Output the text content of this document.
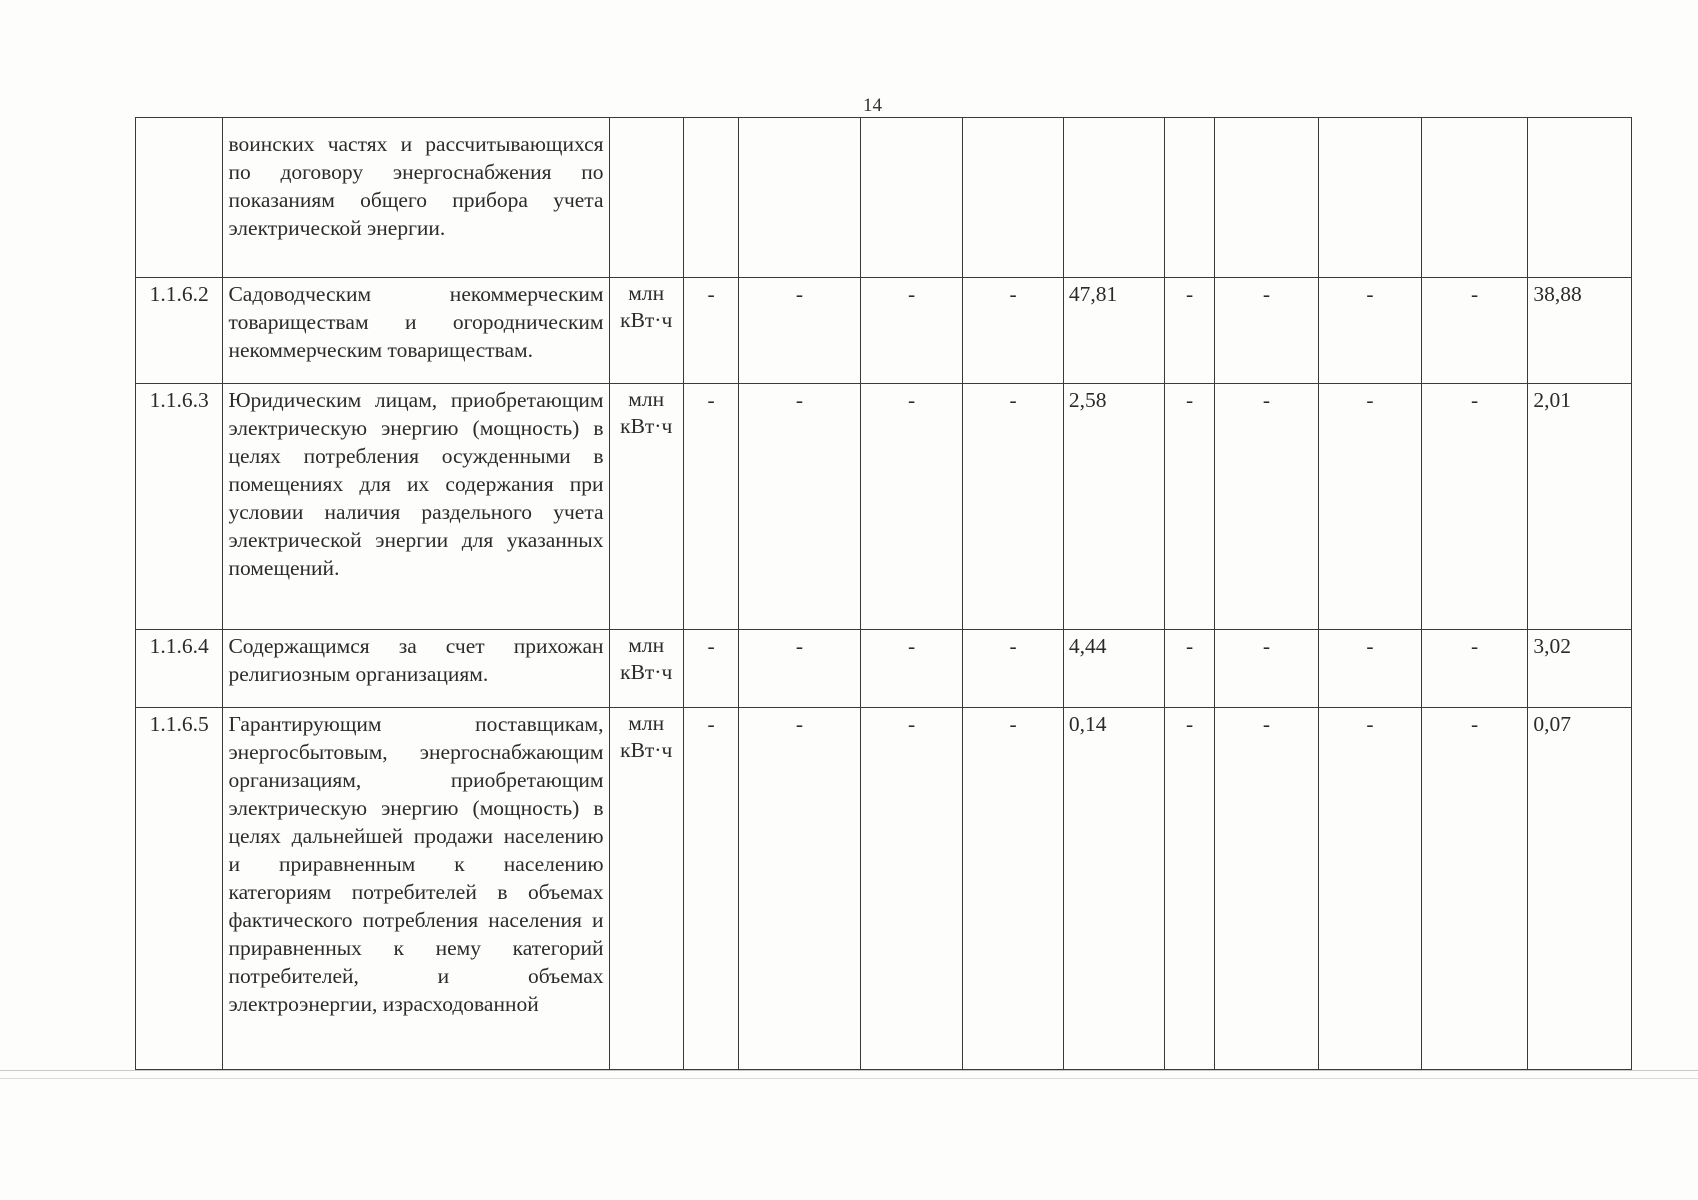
14
	воинских частях и рассчитывающихся по договору энергоснабжения по показаниям общего прибора учета электрической энергии.											
1.1.6.2	Садоводческим некоммерческим товариществам и огородническим некоммерческим товариществам.	млн кВт·ч	-	-	-	-	47,81	-	-	-	-	38,88
1.1.6.3	Юридическим лицам, приобретающим электрическую энергию (мощность) в целях потребления осужденными в помещениях для их содержания при условии наличия раздельного учета электрической энергии для указанных помещений.	млн кВт·ч	-	-	-	-	2,58	-	-	-	-	2,01
1.1.6.4	Содержащимся за счет прихожан религиозным организациям.	млн кВт·ч	-	-	-	-	4,44	-	-	-	-	3,02
1.1.6.5	Гарантирующим поставщикам, энергосбытовым, энергоснабжающим организациям, приобретающим электрическую энергию (мощность) в целях дальнейшей продажи населению и приравненным к населению категориям потребителей в объемах фактического потребления населения и приравненных к нему категорий потребителей, и объемах электроэнергии, израсходованной	млн кВт·ч	-	-	-	-	0,14	-	-	-	-	0,07
